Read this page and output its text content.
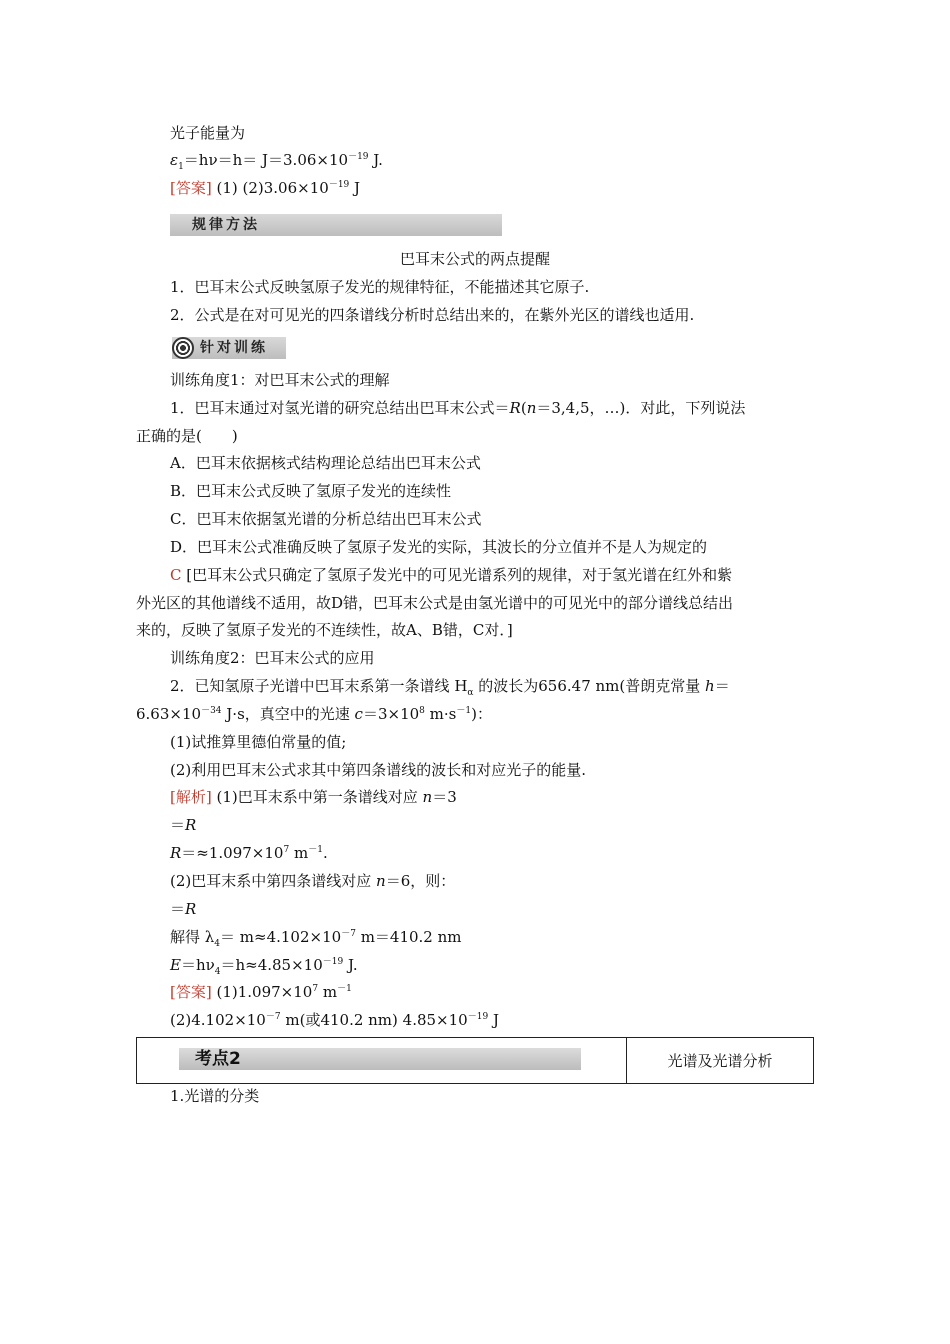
光子能量为
$\varepsilon_1=h\nu=h= J=3.06\times 10^{-19}$ J.
[答案] (1) $(2)3.06\times 10^{-19}$ J
规律方法
巴耳末公式的两点提醒
1．巴耳末公式反映氢原子发光的规律特征，不能描述其它原子.
2．公式是在对可见光的四条谱线分析时总结出来的，在紫外光区的谱线也适用.
针对训练
训练角度1：对巴耳末公式的理解
1．巴耳末通过对氢光谱的研究总结出巴耳末公式＝R(n＝3,4,5，…)．对此，下列说法
正确的是(　　)
A．巴耳末依据核式结构理论总结出巴耳末公式
B．巴耳末公式反映了氢原子发光的连续性
C．巴耳末依据氢光谱的分析总结出巴耳末公式
D．巴耳末公式准确反映了氢原子发光的实际，其波长的分立值并不是人为规定的
C [巴耳末公式只确定了氢原子发光中的可见光谱系列的规律，对于氢光谱在红外和紫
外光区的其他谱线不适用，故D错，巴耳末公式是由氢光谱中的可见光中的部分谱线总结出
来的，反映了氢原子发光的不连续性，故A、B错，C对．]
训练角度2：巴耳末公式的应用
2．已知氢原子光谱中巴耳末系第一条谱线 $H_\alpha$ 的波长为656.47 nm(普朗克常量 h＝
$6.63\times 10^{-34}$ J·s，真空中的光速 $c=3\times 10^8$ $m\cdot s^{-1}$)：
(1)试推算里德伯常量的值;
(2)利用巴耳末公式求其中第四条谱线的波长和对应光子的能量.
[解析] (1)巴耳末系中第一条谱线对应 n＝3
＝R
$R=\approx 1.097\times 10^7$ $m^{-1}$.
(2)巴耳末系中第四条谱线对应 n＝6，则：
＝R
解得 $\lambda_4= m\approx 4.102\times 10^{-7}$ m＝410.2 nm
$E=h\nu_4=h\approx 4.85\times 10^{-19}$ J.
[答案] $(1)1.097\times 10^7$ $m^{-1}$
$(2)4.102\times 10^{-7}$ m(或410.2 nm) $4.85\times 10^{-19}$ J
考点2	光谱及光谱分析
1.光谱的分类
